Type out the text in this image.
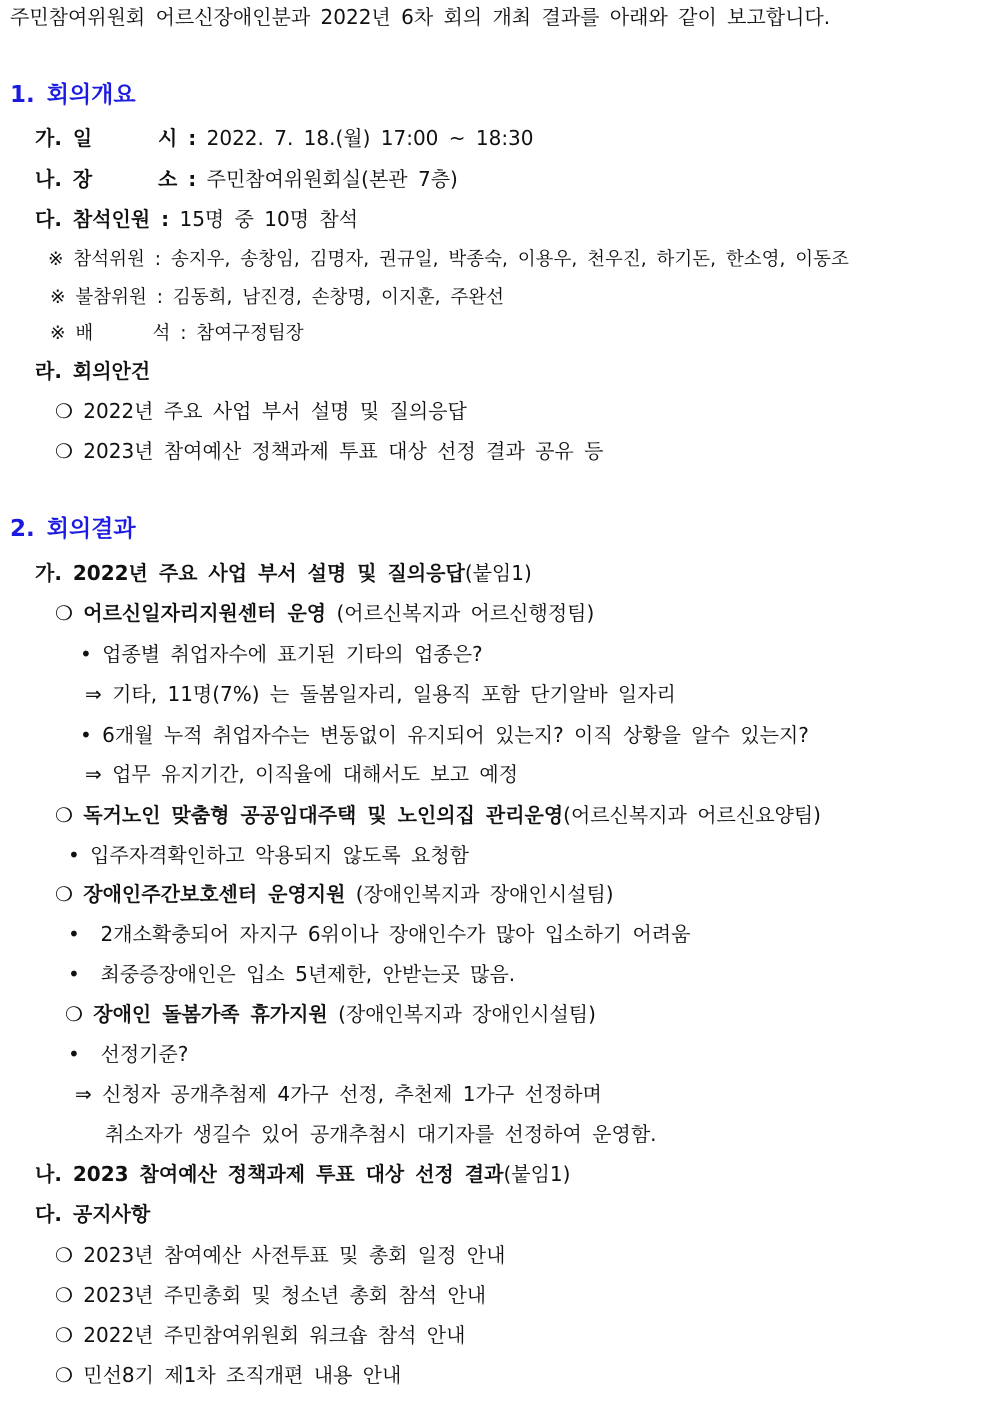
주민참여위원회 어르신장애인분과 2022년 6차 회의 개최 결과를 아래와 같이 보고합니다.
1. 회의개요
가. 일      시 : 2022. 7. 18.(월) 17:00 ~ 18:30
나. 장      소 : 주민참여위원회실(본관 7층)
다. 참석인원 : 15명 중 10명 참석
※ 참석위원 : 송지우, 송창임, 김명자, 권규일, 박종숙, 이용우, 천우진, 하기돈, 한소영, 이동조
※ 불참위원 : 김동희, 남진경, 손창명, 이지훈, 주완선
※ 배      석 : 참여구정팀장
라. 회의안건
❍ 2022년 주요 사업 부서 설명 및 질의응답
❍ 2023년 참여예산 정책과제 투표 대상 선정 결과 공유 등
2. 회의결과
가. 2022년 주요 사업 부서 설명 및 질의응답(붙임1)
❍ 어르신일자리지원센터 운영 (어르신복지과 어르신행정팀)
• 업종별 취업자수에 표기된 기타의 업종은?
⇒ 기타, 11명(7%) 는 돌봄일자리, 일용직 포함 단기알바 일자리
• 6개월 누적 취업자수는 변동없이 유지되어 있는지? 이직 상황을 알수 있는지?
⇒ 업무 유지기간, 이직율에 대해서도 보고 예정
❍ 독거노인 맞춤형 공공임대주택 및 노인의집 관리운영(어르신복지과 어르신요양팀)
• 입주자격확인하고 악용되지 않도록 요청함
❍ 장애인주간보호센터 운영지원 (장애인복지과 장애인시설팀)
•  2개소확충되어 자지구 6위이나 장애인수가 많아 입소하기 어려움
•  최중증장애인은 입소 5년제한, 안받는곳 많음.
❍ 장애인 돌봄가족 휴가지원 (장애인복지과 장애인시설팀)
•  선정기준?
⇒ 신청자 공개추첨제 4가구 선정, 추천제 1가구 선정하며
취소자가 생길수 있어 공개추첨시 대기자를 선정하여 운영함.
나. 2023 참여예산 정책과제 투표 대상 선정 결과(붙임1)
다. 공지사항
❍ 2023년 참여예산 사전투표 및 총회 일정 안내
❍ 2023년 주민총회 및 청소년 총회 참석 안내
❍ 2022년 주민참여위원회 워크숍 참석 안내
❍ 민선8기 제1차 조직개편 내용 안내
